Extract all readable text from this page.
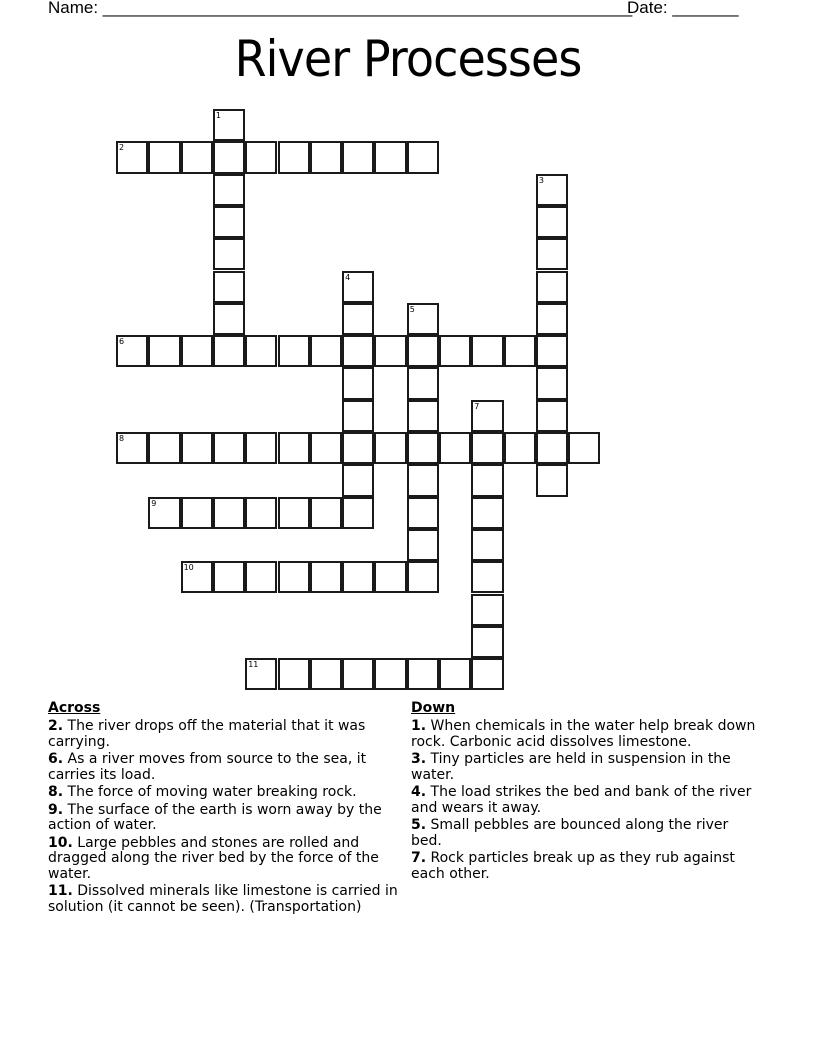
Name: ________________________________________________________
Date: _______
River Processes
1
2
3
4
5
6
7
8
9
10
11
Across
2. The river drops off the material that it was carrying.
6. As a river moves from source to the sea, it carries its load.
8. The force of moving water breaking rock.
9. The surface of the earth is worn away by the action of water.
10. Large pebbles and stones are rolled and dragged along the river bed by the force of the water.
11. Dissolved minerals like limestone is carried in solution (it cannot be seen). (Transportation)
Down
1. When chemicals in the water help break down rock. Carbonic acid dissolves limestone.
3. Tiny particles are held in suspension in the water.
4. The load strikes the bed and bank of the river and wears it away.
5. Small pebbles are bounced along the river bed.
7. Rock particles break up as they rub against each other.
